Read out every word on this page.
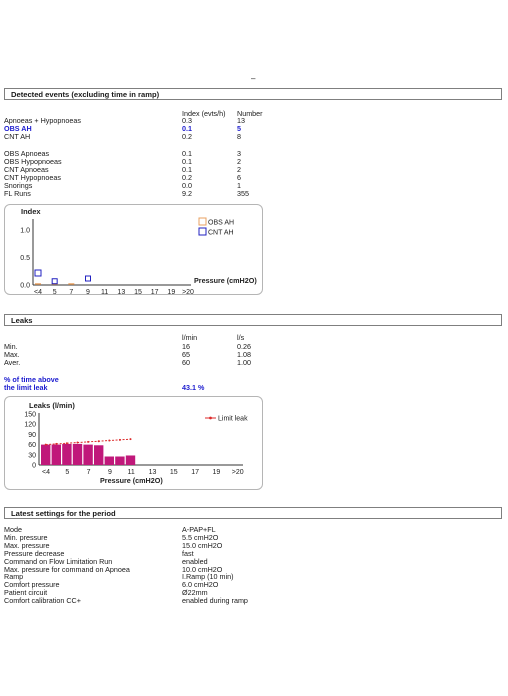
–
Detected events (excluding time in ramp)
Index (evts/h) Number
Apnoeas + Hypopnoeas	0.3	13
OBS AH	0.1	5
CNT AH	0.2	8
OBS Apnoeas	0.1	3
OBS Hypopnoeas	0.1	2
CNT Apnoeas	0.1	2
CNT Hypopnoeas	0.2	6
Snorings	0.0	1
FL Runs	9.2	355
Index
0.0
0.5
1.0
<4 5 7 9 11 13 15 17 19 >20
Pressure (cmH2O)
OBS AH
CNT AH
Leaks
l/min	l/s
Min.	16	0.26
Max.	65	1.08
Aver.	60	1.00
% of time above
the limit leak	43.1 %
Leaks (l/min)
0
30
60
90
120
150
<4 5 7 9 11 13 15 17 19 >20
Pressure (cmH2O)
Limit leak
Latest settings for the period
Mode	A-PAP+FL
Min. pressure	5.5 cmH2O
Max. pressure	15.0 cmH2O
Pressure decrease	fast
Command on Flow Limitation Run	enabled
Max. pressure for command on Apnoea	10.0 cmH2O
Ramp	I.Ramp (10 min)
Comfort pressure	6.0 cmH2O
Patient circuit	Ø22mm
Comfort calibration CC+	enabled during ramp
